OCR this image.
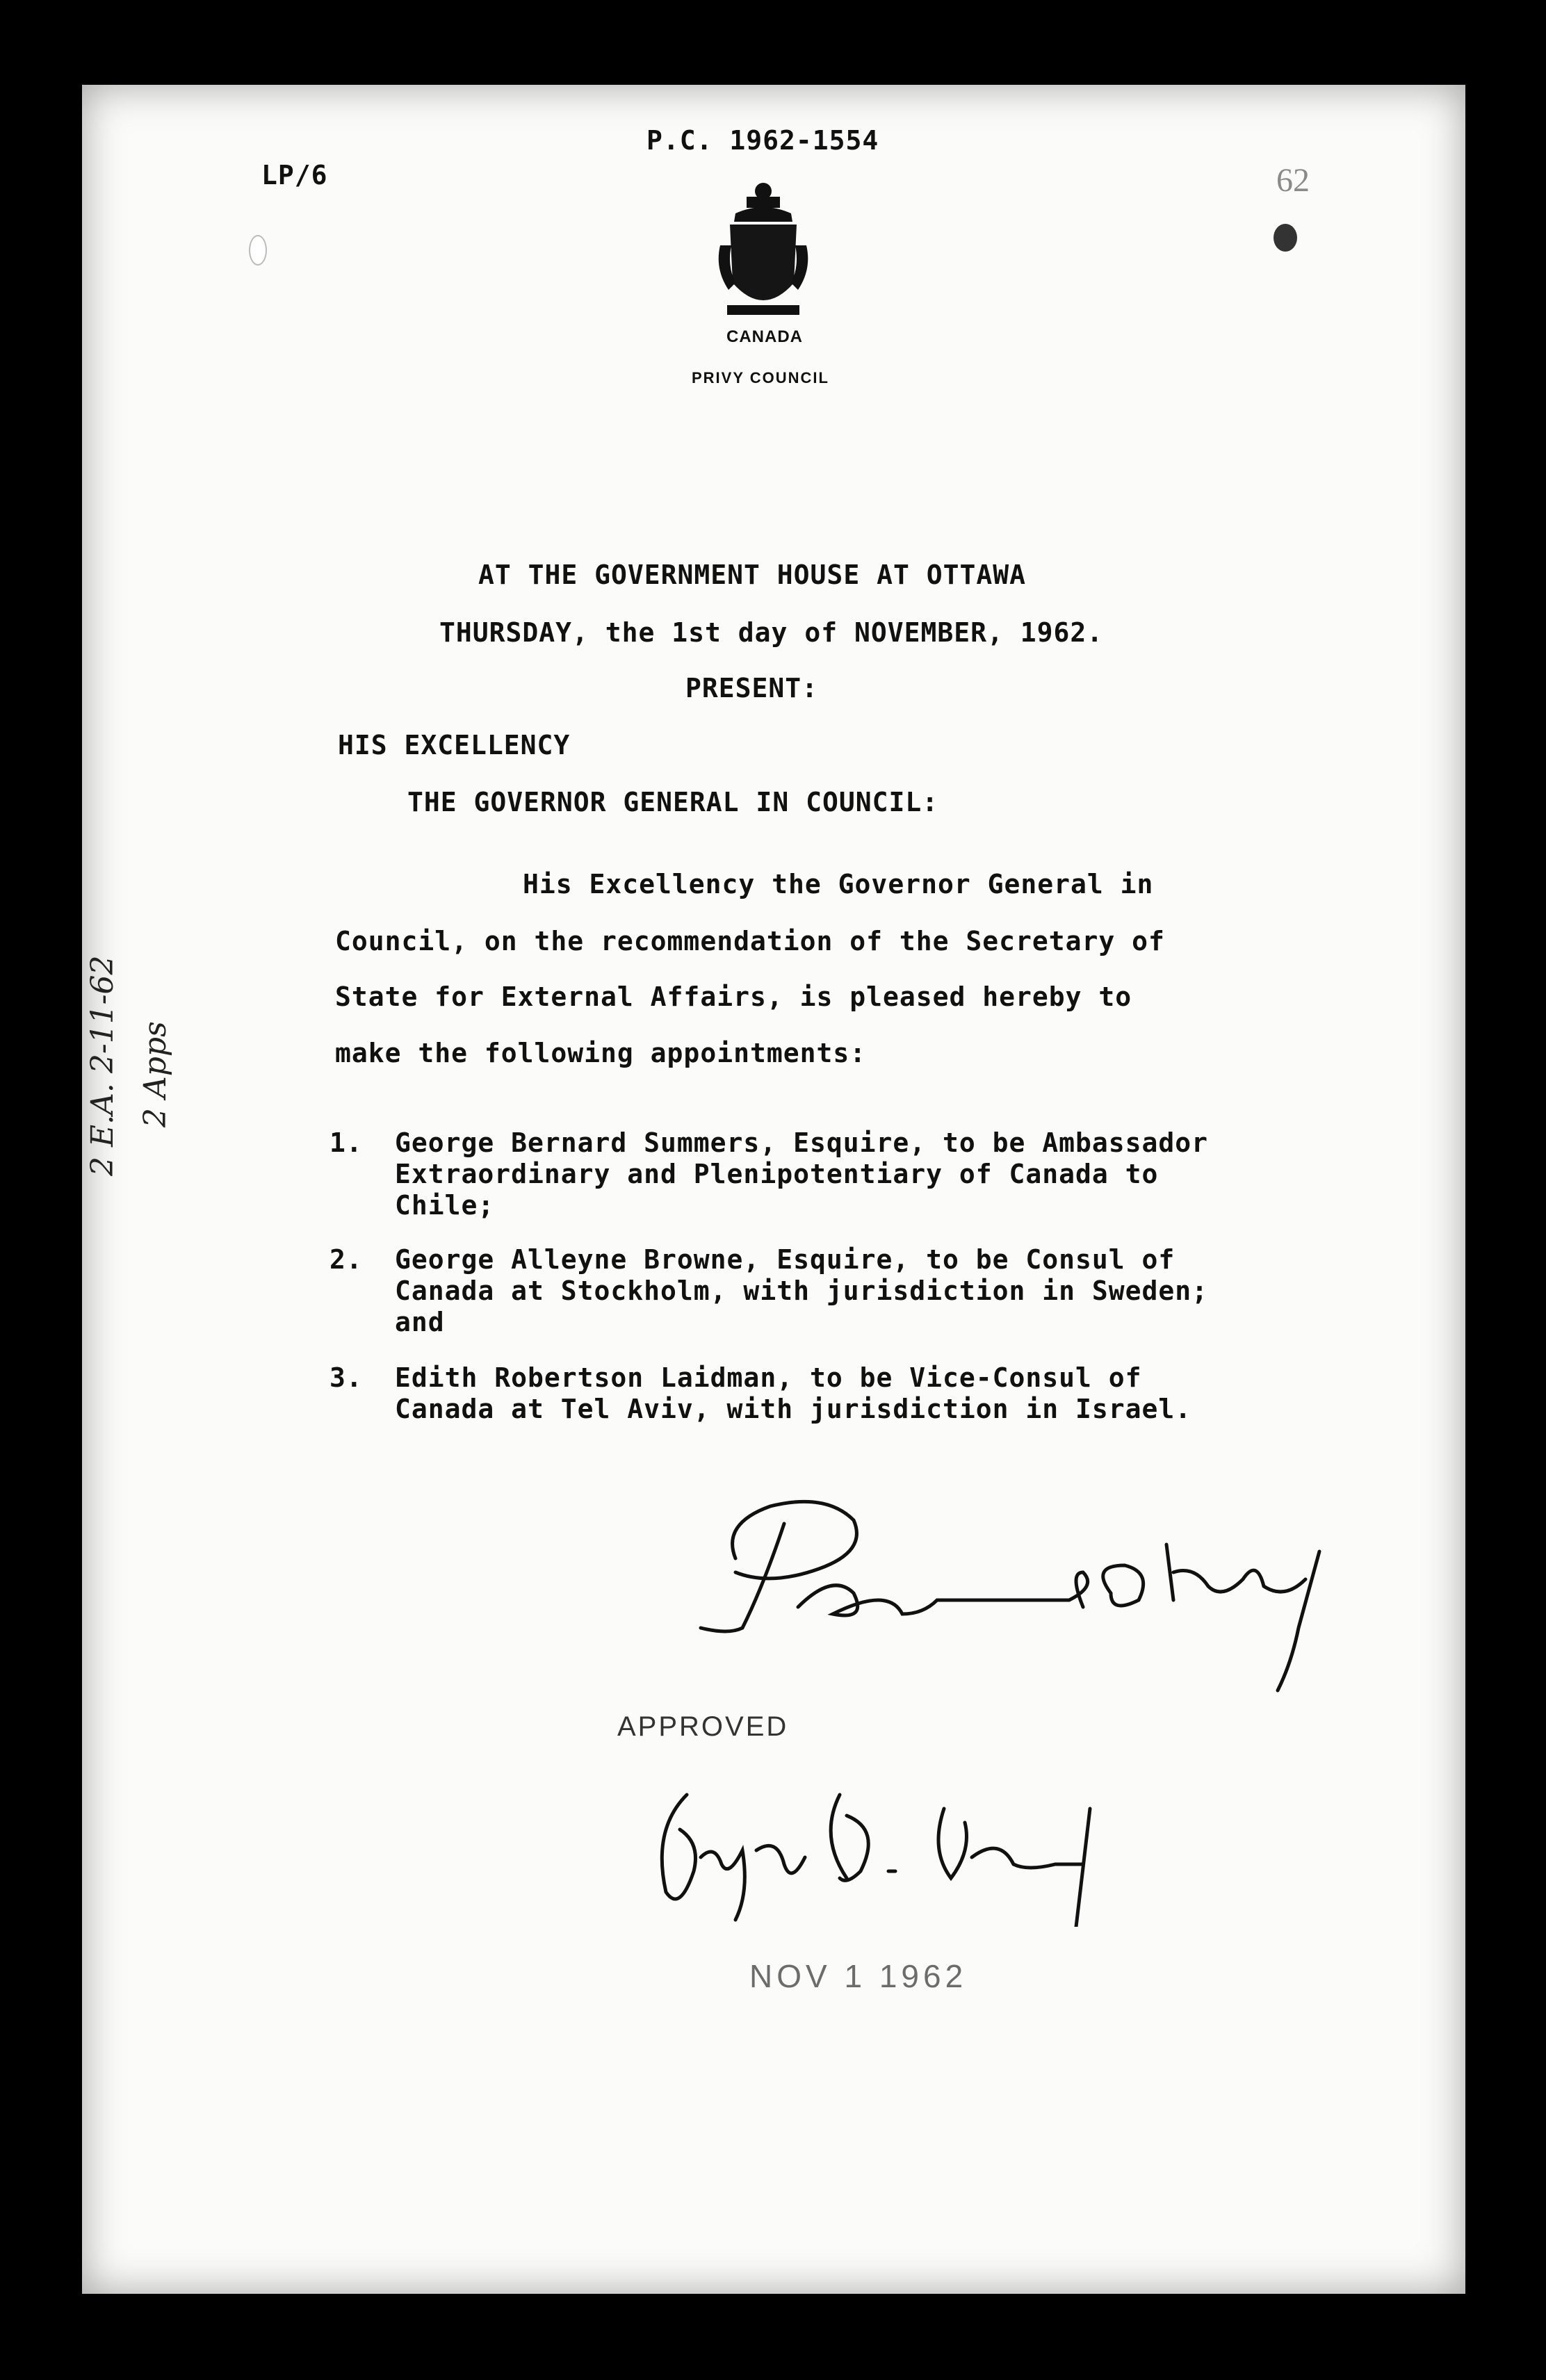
LP/6
P.C. 1962-1554
62
CANADA
PRIVY COUNCIL
2 E.A. 2-11-62 2 Apps
AT THE GOVERNMENT HOUSE AT OTTAWA
THURSDAY, the 1st day of NOVEMBER, 1962.
PRESENT:
HIS EXCELLENCY
THE GOVERNOR GENERAL IN COUNCIL:
His Excellency the Governor General in
Council, on the recommendation of the Secretary of
State for External Affairs, is pleased hereby to
make the following appointments:
1. George Bernard Summers, Esquire, to be Ambassador
Extraordinary and Plenipotentiary of Canada to
Chile;
2. George Alleyne Browne, Esquire, to be Consul of
Canada at Stockholm, with jurisdiction in Sweden;
and
3. Edith Robertson Laidman, to be Vice-Consul of
Canada at Tel Aviv, with jurisdiction in Israel.
APPROVED
NOV 1 1962
